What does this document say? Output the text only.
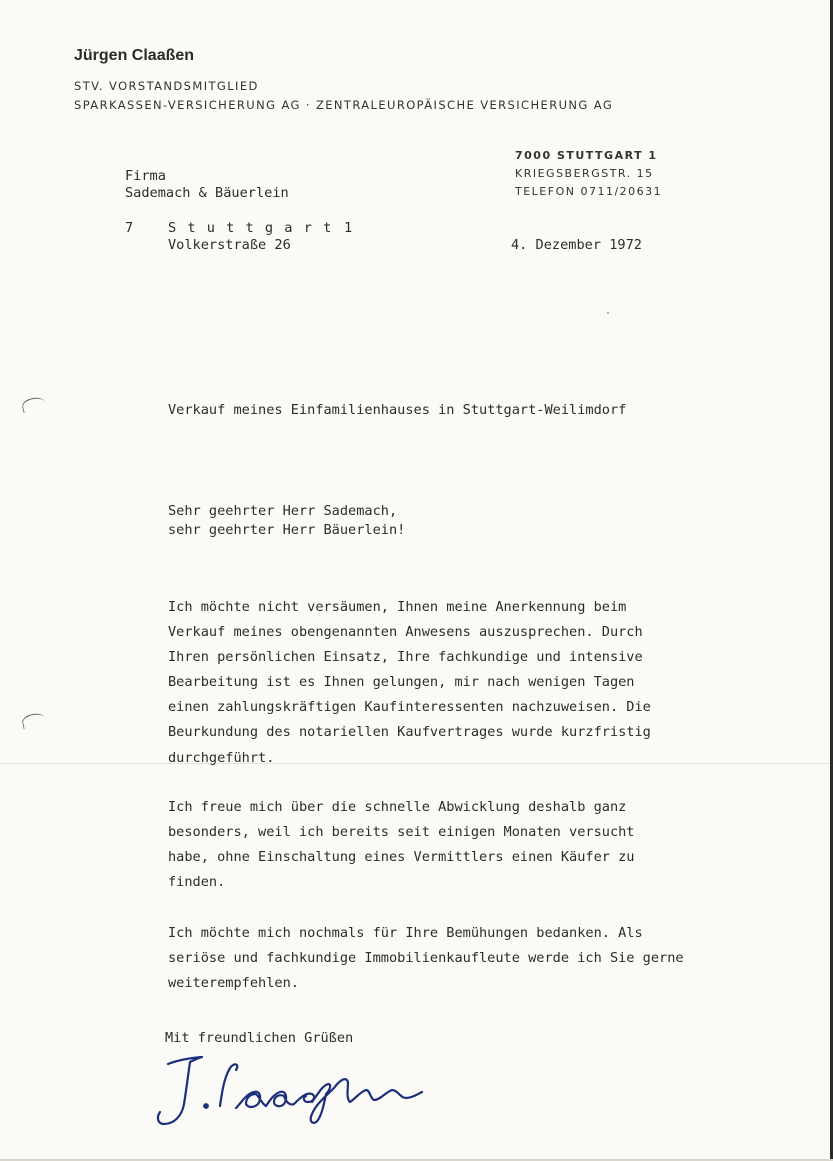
Jürgen Claaßen

STV. VORSTANDSMITGLIED

SPARKASSEN-VERSICHERUNG AG · ZENTRALEUROPÄISCHE VERSICHERUNG AG

7000 STUTTGART 1
KRIEGSBERGSTR. 15
TELEFON 0711/20631

Firma

Sademach & Bäuerlein

7	Stuttgart 1

Volkerstraße 26	4. Dezember 1972

Verkauf meines Einfamilienhauses in Stuttgart-Weilimdorf

Sehr geehrter Herr Sademach,
sehr geehrter Herr Bäuerlein!

Ich möchte nicht versäumen, Ihnen meine Anerkennung beim
Verkauf meines obengenannten Anwesens auszusprechen. Durch
Ihren persönlichen Einsatz, Ihre fachkundige und intensive
Bearbeitung ist es Ihnen gelungen, mir nach wenigen Tagen
einen zahlungskräftigen Kaufinteressenten nachzuweisen. Die
Beurkundung des notariellen Kaufvertrages wurde kurzfristig
durchgeführt.

Ich freue mich über die schnelle Abwicklung deshalb ganz
besonders, weil ich bereits seit einigen Monaten versucht
habe, ohne Einschaltung eines Vermittlers einen Käufer zu
finden.

Ich möchte mich nochmals für Ihre Bemühungen bedanken. Als
seriöse und fachkundige Immobilienkaufleute werde ich Sie gerne
weiterempfehlen.

Mit freundlichen Grüßen
